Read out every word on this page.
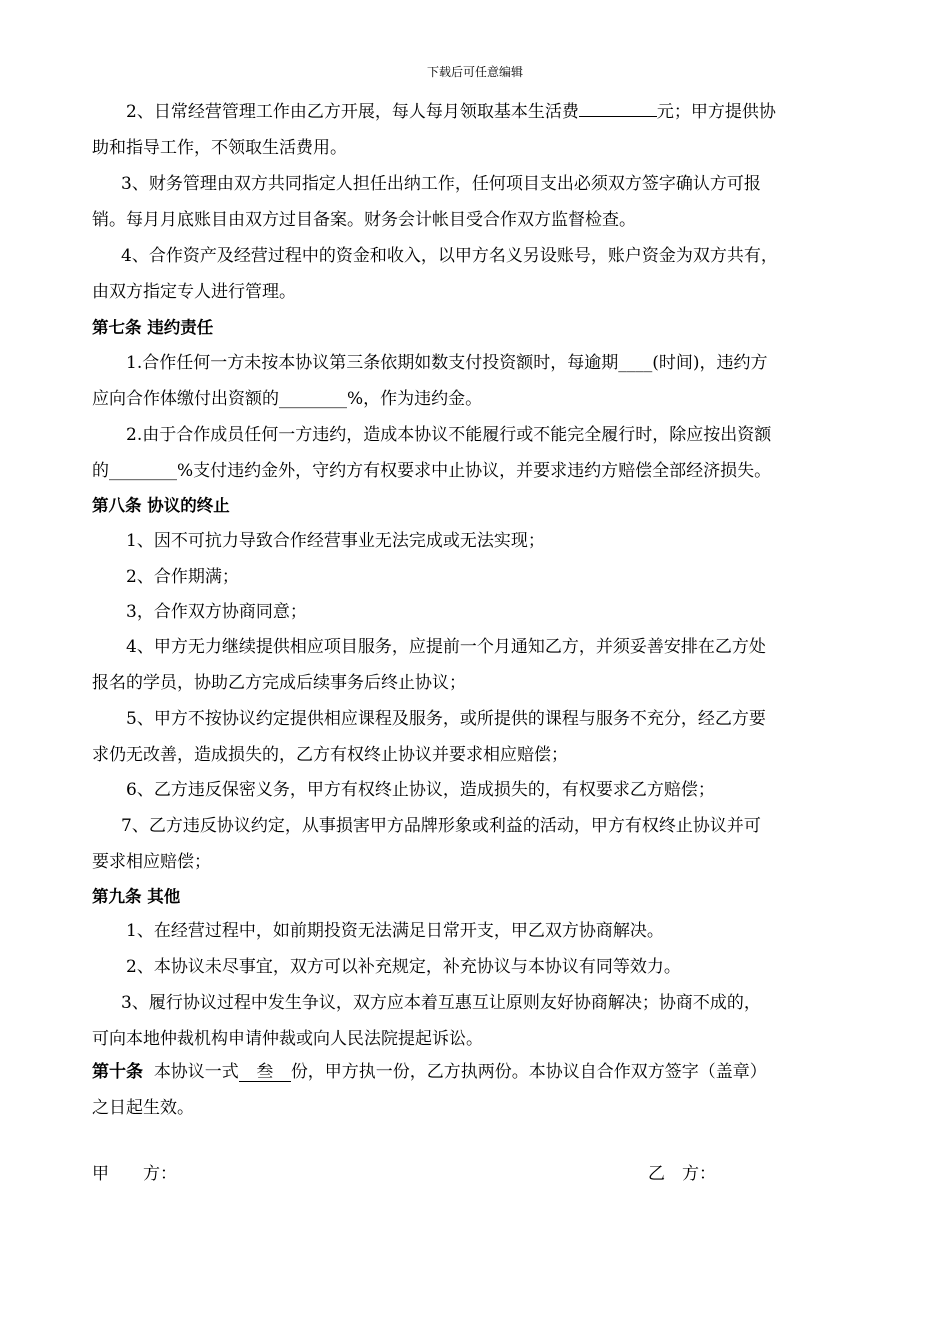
下载后可任意编辑
2、日常经营管理工作由乙方开展，每人每月领取基本生活费	元；甲方提供协
助和指导工作，不领取生活费用。
3、财务管理由双方共同指定人担任出纳工作，任何项目支出必须双方签字确认方可报
销。每月月底账目由双方过目备案。财务会计帐目受合作双方监督检查。
4、合作资产及经营过程中的资金和收入，以甲方名义另设账号，账户资金为双方共有，
由双方指定专人进行管理。
第七条 违约责任
1.合作任何一方未按本协议第三条依期如数支付投资额时，每逾期____(时间)，违约方
应向合作体缴付出资额的________%，作为违约金。
2.由于合作成员任何一方违约，造成本协议不能履行或不能完全履行时，除应按出资额
的________%支付违约金外，守约方有权要求中止协议，并要求违约方赔偿全部经济损失。
第八条 协议的终止
1、因不可抗力导致合作经营事业无法完成或无法实现；
2、合作期满；
3，合作双方协商同意；
4、甲方无力继续提供相应项目服务，应提前一个月通知乙方，并须妥善安排在乙方处
报名的学员，协助乙方完成后续事务后终止协议；
5、甲方不按协议约定提供相应课程及服务，或所提供的课程与服务不充分，经乙方要
求仍无改善，造成损失的，乙方有权终止协议并要求相应赔偿；
6、乙方违反保密义务，甲方有权终止协议，造成损失的，有权要求乙方赔偿；
7、乙方违反协议约定，从事损害甲方品牌形象或利益的活动，甲方有权终止协议并可
要求相应赔偿；
第九条 其他
1、在经营过程中，如前期投资无法满足日常开支，甲乙双方协商解决。
2、本协议未尽事宜，双方可以补充规定，补充协议与本协议有同等效力。
3、履行协议过程中发生争议，双方应本着互惠互让原则友好协商解决；协商不成的，
可向本地仲裁机构申请仲裁或向人民法院提起诉讼。
第十条 本协议一式 叁 份，甲方执一份，乙方执两份。本协议自合作双方签字（盖章）
之日起生效。
甲　　方：	乙　方：
